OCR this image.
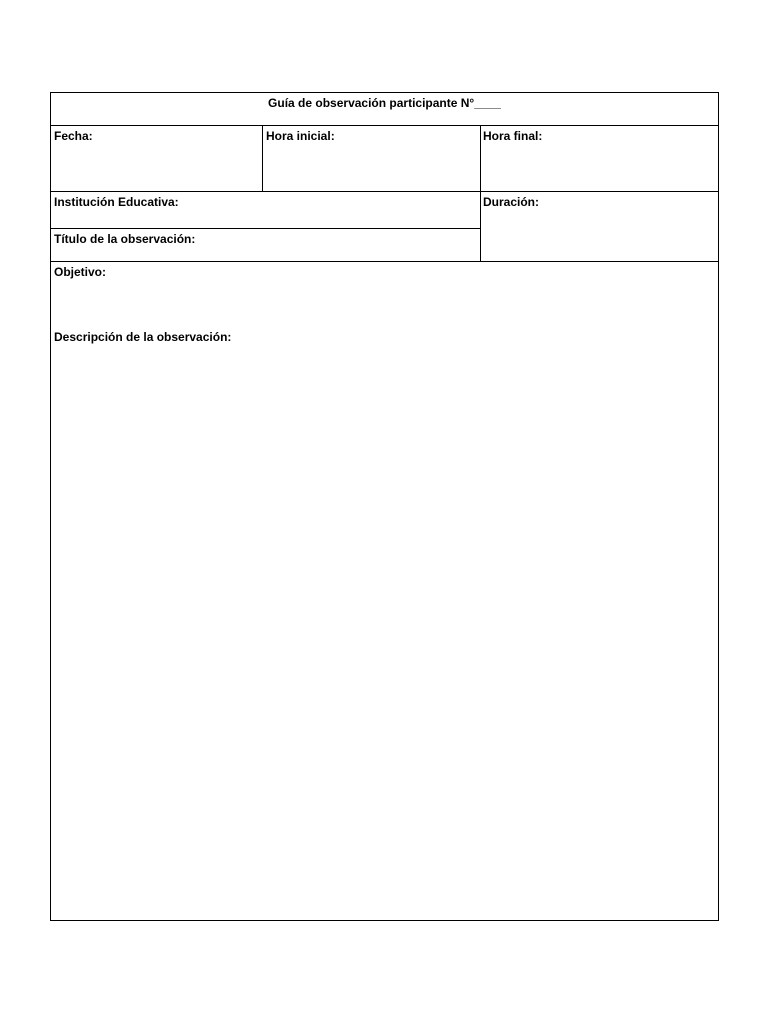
Guía de observación participante N°____
Fecha:	Hora inicial:	Hora final:
Institución Educativa:	Duración:
Título de la observación:
Objetivo:
Descripción de la observación:
